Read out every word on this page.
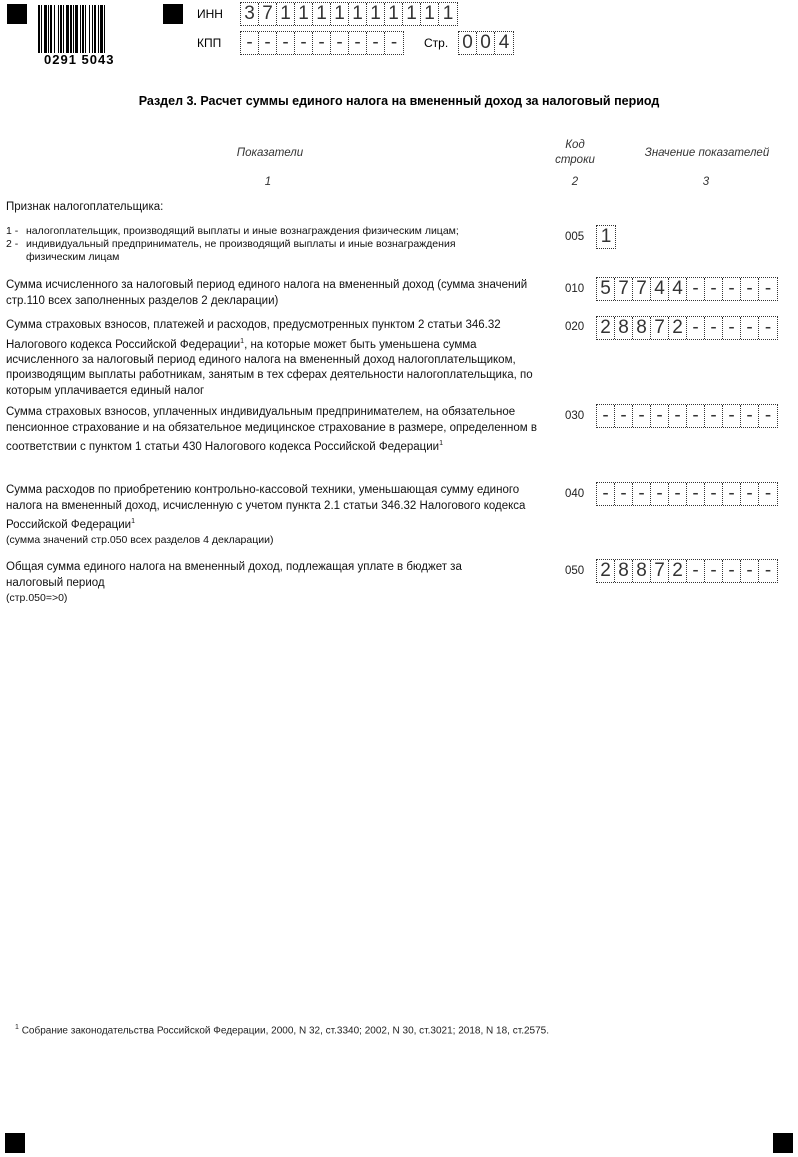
0291 5043
ИНН 3 7 1 1 1 1 1 1 1 1 1 1
КПП - - - - - - - - -	Стр. 0 0 4
Раздел 3. Расчет суммы единого налога на вмененный доход за налоговый период
Показатели
Код
строки
Значение показателей
1	2	3
Признак налогоплательщика:
1 - налогоплательщик, производящий выплаты и иные вознаграждения физическим лицам;
2 - индивидуальный предприниматель, не производящий выплаты и иные вознаграждения физическим лицам
005 1
Сумма исчисленного за налоговый период единого налога на вмененный доход (сумма значений стр.110 всех заполненных разделов 2 декларации)
010 5 7 7 4 4 - - - - -
Сумма страховых взносов, платежей и расходов, предусмотренных пунктом 2 статьи 346.32 Налогового кодекса Российской Федерации$^1$, на которые может быть уменьшена сумма исчисленного за налоговый период единого налога на вмененный доход налогоплательщиком, производящим выплаты работникам, занятым в тех сферах деятельности налогоплательщика, по которым уплачивается единый налог
020 2 8 8 7 2 - - - - -
Сумма страховых взносов, уплаченных индивидуальным предпринимателем, на обязательное пенсионное страхование и на обязательное медицинское страхование в размере, определенном в соответствии с пунктом 1 статьи 430 Налогового кодекса Российской Федерации$^1$
030 - - - - - - - - - -
Сумма расходов по приобретению контрольно-кассовой техники, уменьшающая сумму единого налога на вмененный доход, исчисленную с учетом пункта 2.1 статьи 346.32 Налогового кодекса Российской Федерации$^1$
(сумма значений стр.050 всех разделов 4 декларации)
040 - - - - - - - - - -
Общая сумма единого налога на вмененный доход, подлежащая уплате в бюджет за налоговый период
(стр.050=>0)
050 2 8 8 7 2 - - - - -
$^1$ Собрание законодательства Российской Федерации, 2000, N 32, ст.3340; 2002, N 30, ст.3021; 2018, N 18, ст.2575.
